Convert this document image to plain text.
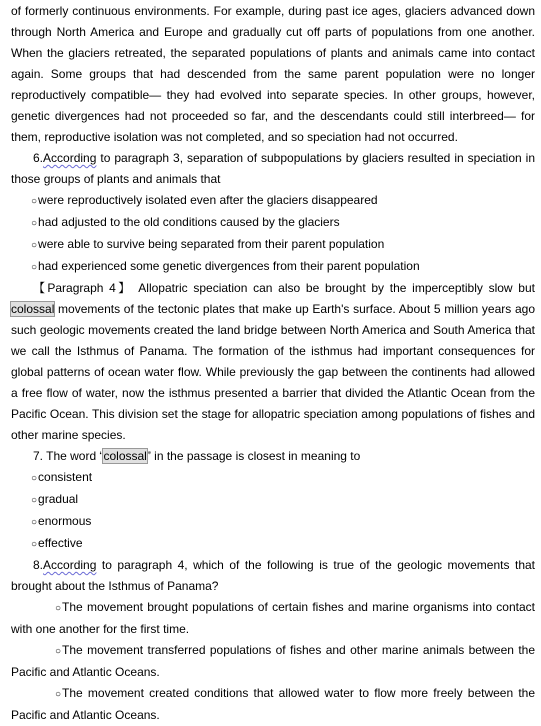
of formerly continuous environments. For example, during past ice ages, glaciers advanced down through North America and Europe and gradually cut off parts of populations from one another. When the glaciers retreated, the separated populations of plants and animals came into contact again. Some groups that had descended from the same parent population were no longer reproductively compatible— they had evolved into separate species. In other groups, however, genetic divergences had not proceeded so far, and the descendants could still interbreed— for them, reproductive isolation was not completed, and so speciation had not occurred.

6.According to paragraph 3, separation of subpopulations by glaciers resulted in speciation in those groups of plants and animals that

○were reproductively isolated even after the glaciers disappeared

○had adjusted to the old conditions caused by the glaciers

○were able to survive being separated from their parent population

○had experienced some genetic divergences from their parent population

【Paragraph 4】 Allopatric speciation can also be brought by the imperceptibly slow but colossal movements of the tectonic plates that make up Earth's surface. About 5 million years ago such geologic movements created the land bridge between North America and South America that we call the Isthmus of Panama. The formation of the isthmus had important consequences for global patterns of ocean water flow. While previously the gap between the continents had allowed a free flow of water, now the isthmus presented a barrier that divided the Atlantic Ocean from the Pacific Ocean. This division set the stage for allopatric speciation among populations of fishes and other marine species.

7. The word “colossal” in the passage is closest in meaning to

○consistent

○gradual

○enormous

○effective

8.According to paragraph 4, which of the following is true of the geologic movements that brought about the Isthmus of Panama?

○The movement brought populations of certain fishes and marine organisms into contact with one another for the first time.

○The movement transferred populations of fishes and other marine animals between the Pacific and Atlantic Oceans.

○The movement created conditions that allowed water to flow more freely between the Pacific and Atlantic Oceans.
